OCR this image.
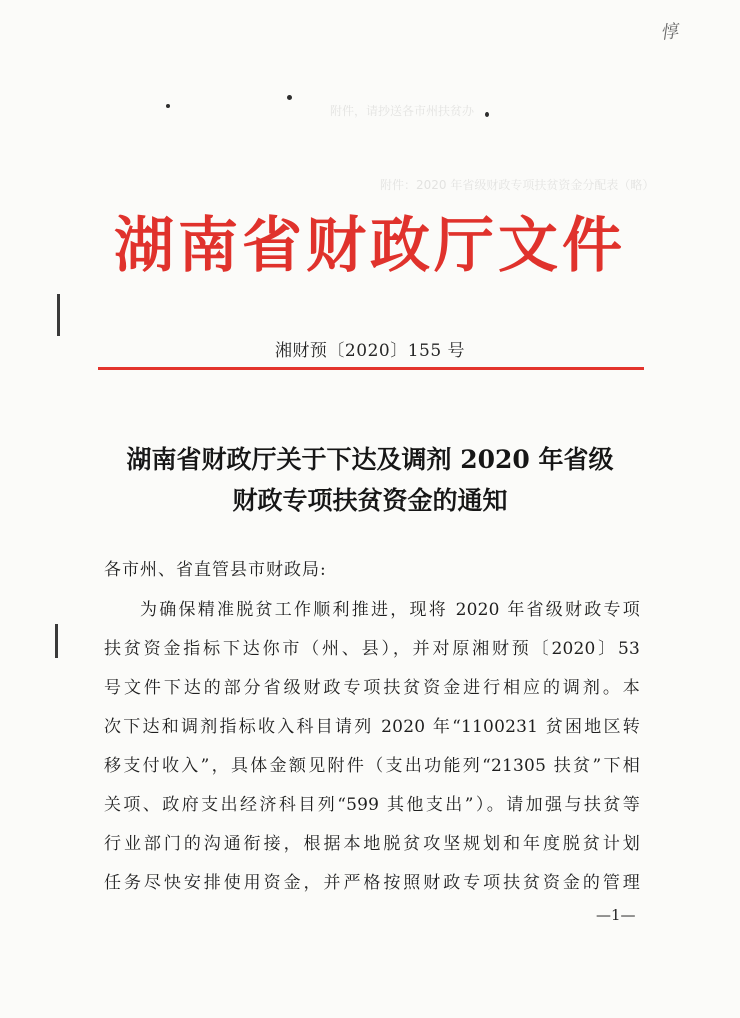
惇
附件：2020 年省级财政专项扶贫资金分配表（略）
附件，请抄送各市州扶贫办
湖南省财政厅文件
湘财预〔2020〕155 号
湖南省财政厅关于下达及调剂 2020 年省级
财政专项扶贫资金的通知
各市州、省直管县市财政局:
为确保精准脱贫工作顺利推进，现将 2020 年省级财政专项
扶贫资金指标下达你市（州、县），并对原湘财预〔2020〕53
号文件下达的部分省级财政专项扶贫资金进行相应的调剂。本
次下达和调剂指标收入科目请列 2020 年“1100231 贫困地区转
移支付收入”，具体金额见附件（支出功能列“21305 扶贫”下相
关项、政府支出经济科目列“599 其他支出”）。请加强与扶贫等
行业部门的沟通衔接，根据本地脱贫攻坚规划和年度脱贫计划
任务尽快安排使用资金，并严格按照财政专项扶贫资金的管理
—1—
